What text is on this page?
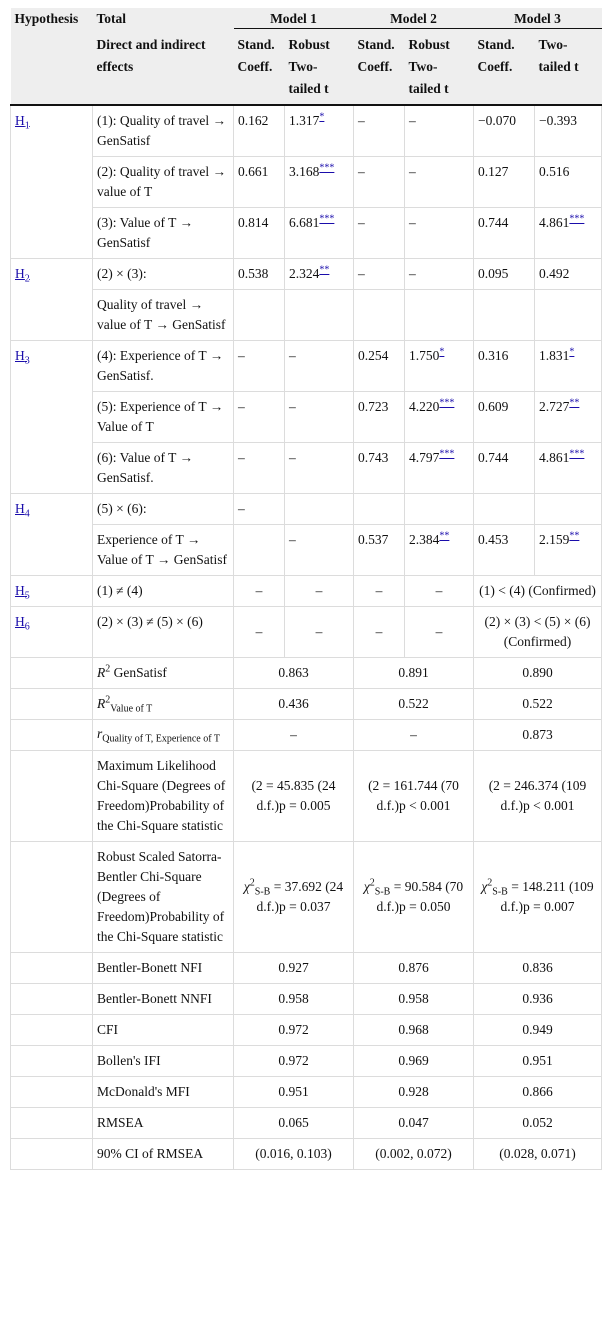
Hypothesis	Total	Model 1		Model 2		Model 3	
	Direct and indirect effects	Stand. Coeff.	Robust Two-tailed t	Stand. Coeff.	Robust Two-tailed t	Stand. Coeff.	Two-tailed t
$H_1$	(1): Quality of travel → GenSatisf	0.162	1.317*	–	–	−0.070	−0.393
	(2): Quality of travel → value of T	0.661	3.168***	–	–	0.127	0.516
	(3): Value of T → GenSatisf	0.814	6.681***	–	–	0.744	4.861***
$H_2$	(2) × (3):	0.538	2.324**	–	–	0.095	0.492
	Quality of travel → value of T → GenSatisf						
$H_3$	(4): Experience of T → GenSatisf.	–	–	0.254	1.750*	0.316	1.831*
	(5): Experience of T → Value of T	–	–	0.723	4.220***	0.609	2.727**
	(6): Value of T → GenSatisf.	–	–	0.743	4.797***	0.744	4.861***
$H_4$	(5) × (6):	–					
	Experience of T → Value of T → GenSatisf		–	0.537	2.384**	0.453	2.159**
$H_5$	(1) ≠ (4)	–	–	–	–	(1) < (4) (Confirmed)	
$H_6$	(2) × (3) ≠ (5) × (6)	–	–	–	–	(2) × (3) < (5) × (6) (Confirmed)	
	$R^2$ GenSatisf	0.863		0.891		0.890	
	$R^2_{Value of T}$	0.436		0.522		0.522	
	$r_{Quality of T, Experience of T}$	–		–		0.873	
	Maximum Likelihood Chi-Square (Degrees of Freedom)Probability of the Chi-Square statistic	(2 = 45.835 (24 d.f.)p = 0.005		(2 = 161.744 (70 d.f.)p < 0.001		(2 = 246.374 (109 d.f.)p < 0.001	
	Robust Scaled Satorra-Bentler Chi-Square (Degrees of Freedom)Probability of the Chi-Square statistic	$\chi^2_{S-B} = 37.692$ (24 d.f.)p = 0.037		$\chi^2_{S-B} = 90.584$ (70 d.f.)p = 0.050		$\chi^2_{S-B} = 148.211$ (109 d.f.)p = 0.007	
	Bentler-Bonett NFI	0.927		0.876		0.836	
	Bentler-Bonett NNFI	0.958		0.958		0.936	
	CFI	0.972		0.968		0.949	
	Bollen's IFI	0.972		0.969		0.951	
	McDonald's MFI	0.951		0.928		0.866	
	RMSEA	0.065		0.047		0.052	
	90% CI of RMSEA	(0.016, 0.103)		(0.002, 0.072)		(0.028, 0.071)	
